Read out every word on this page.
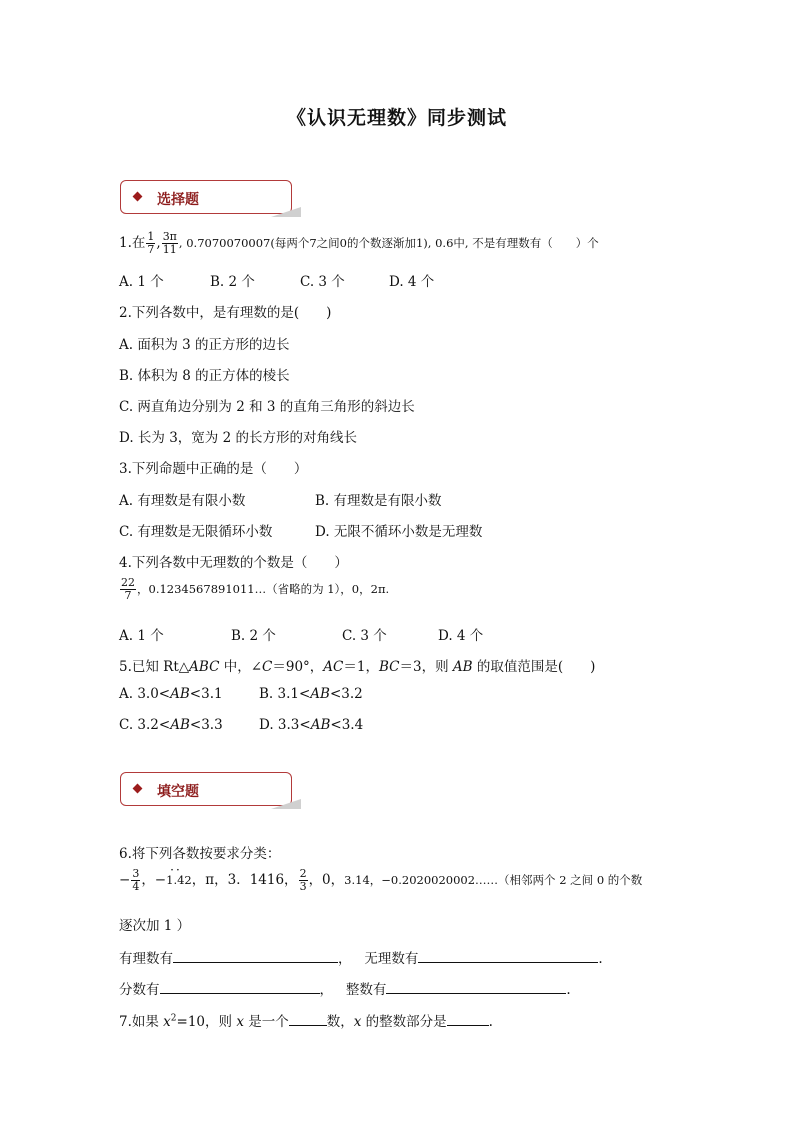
《认识无理数》同步测试
选择题
1.在 $\frac{1}{7}$ , $\frac{3\pi}{11}$ , 0.7070070007(每两个7之间0的个数逐渐加1), 0.6中, 不是有理数有（　　）个
A. 1 个	B. 2 个	C. 3 个	D. 4 个
2.下列各数中，是有理数的是(　　)
A. 面积为 3 的正方形的边长
B. 体积为 8 的正方体的棱长
C. 两直角边分别为 2 和 3 的直角三角形的斜边长
D. 长为 3，宽为 2 的长方形的对角线长
3.下列命题中正确的是（　　）
A. 有理数是有限小数	B. 有理数是有限小数
C. 有理数是无限循环小数	D. 无限不循环小数是无理数
4.下列各数中无理数的个数是（　　）
$\frac{22}{7}$ ，0.1234567891011…（省略的为 1），0，2π.
A. 1 个	B. 2 个	C. 3 个	D. 4 个
5.已知 Rt△ABC 中，∠C＝90°，AC＝1，BC＝3，则 AB 的取值范围是(　　)
A. 3.0<AB<3.1	B. 3.1<AB<3.2
C. 3.2<AB<3.3	D. 3.3<AB<3.4
填空题
6.将下列各数按要求分类：
− $\frac{3}{4}$ ，−·· 1.42，π，3．1416， $\frac{2}{3}$ ，0，3.14，−0.2020020002……（相邻两个 2 之间 0 的个数
逐次加 1 ）
有理数有	， 无理数有	.
分数有	， 整数有	.
7.如果 $x^2=10$，则 x 是一个	数，x 的整数部分是	.
